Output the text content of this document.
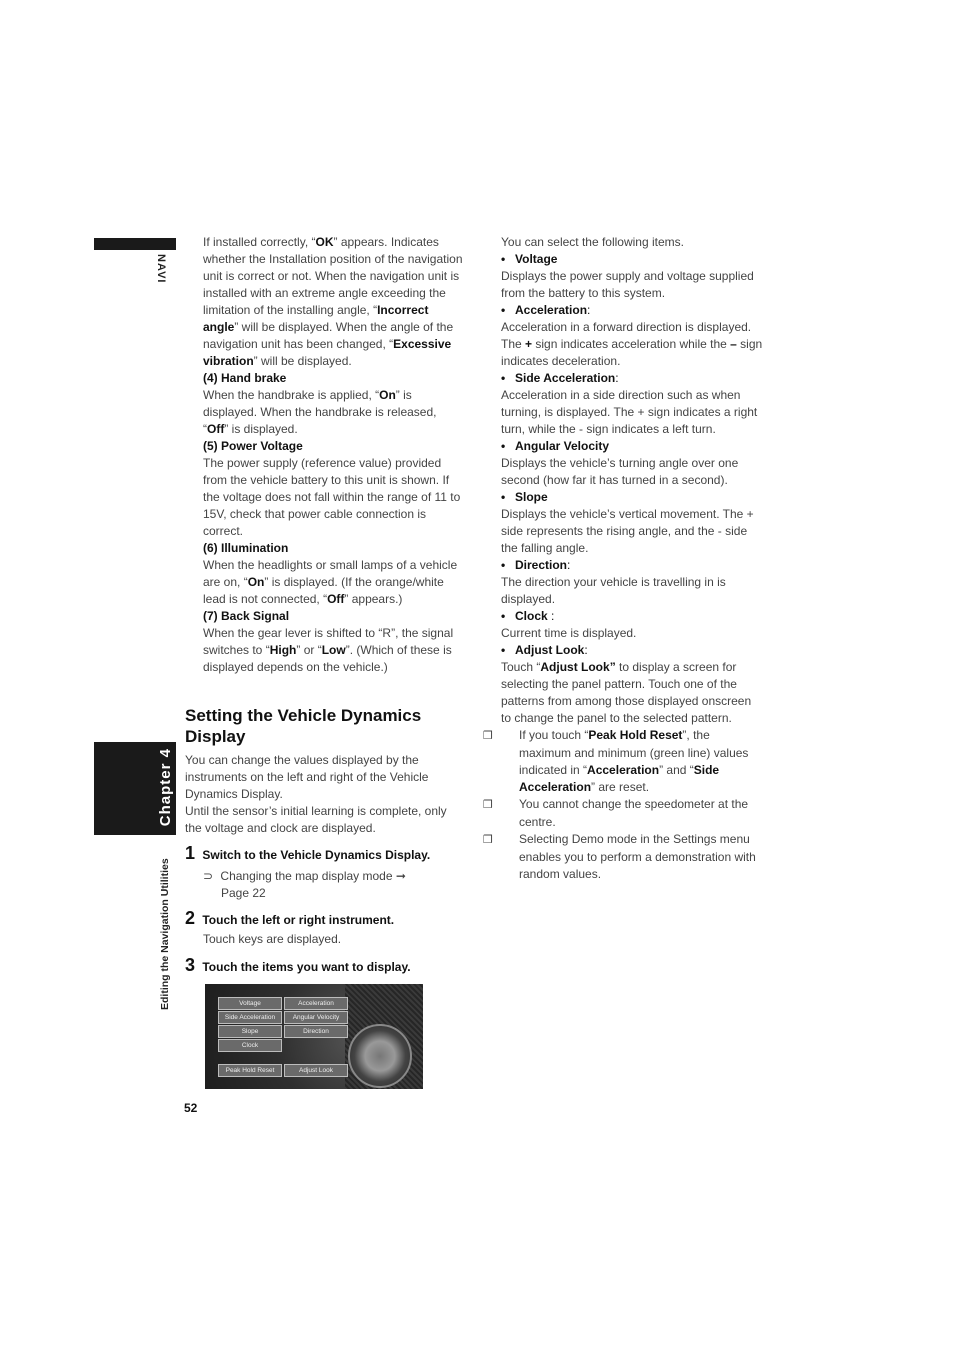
NAVI
Chapter 4
Editing the Navigation Utilities

If installed correctly, “OK” appears. Indicates whether the Installation position of the navigation unit is correct or not. When the navigation unit is installed with an extreme angle exceeding the limitation of the installing angle, “Incorrect angle” will be displayed. When the angle of the navigation unit has been changed, “Excessive vibration” will be displayed.

(4) Hand brake

When the handbrake is applied, “On” is displayed. When the handbrake is released, “Off” is displayed.

(5) Power Voltage

The power supply (reference value) provided from the vehicle battery to this unit is shown. If the voltage does not fall within the range of 11 to 15V, check that power cable connection is correct.

(6) Illumination

When the headlights or small lamps of a vehicle are on, “On” is displayed. (If the orange/white lead is not connected, “Off” appears.)

(7) Back Signal

When the gear lever is shifted to “R”, the signal switches to “High” or “Low”. (Which of these is displayed depends on the vehicle.)

Setting the Vehicle Dynamics Display

You can change the values displayed by the instruments on the left and right of the Vehicle Dynamics Display.

Until the sensor’s initial learning is complete, only the voltage and clock are displayed.

1 Switch to the Vehicle Dynamics Display.
⊃ Changing the map display mode ➞
Page 22
2 Touch the left or right instrument.
Touch keys are displayed.
3 Touch the items you want to display.
Voltage	Acceleration
Side Acceleration	Angular Velocity
Slope	Direction
Clock
Peak Hold Reset	Adjust Look
52

You can select the following items.

• Voltage

Displays the power supply and voltage supplied from the battery to this system.

• Acceleration:

Acceleration in a forward direction is displayed. The + sign indicates acceleration while the – sign indicates deceleration.

• Side Acceleration:

Acceleration in a side direction such as when turning, is displayed. The + sign indicates a right turn, while the - sign indicates a left turn.

• Angular Velocity

Displays the vehicle’s turning angle over one second (how far it has turned in a second).

• Slope

Displays the vehicle’s vertical movement. The + side represents the rising angle, and the - side the falling angle.

• Direction:

The direction your vehicle is travelling in is displayed.

• Clock :

Current time is displayed.

• Adjust Look:

Touch “Adjust Look” to display a screen for selecting the panel pattern. Touch one of the patterns from among those displayed onscreen to change the panel to the selected pattern.

❒ If you touch “Peak Hold Reset”, the maximum and minimum (green line) values indicated in “Acceleration” and “Side Acceleration” are reset.

❒ You cannot change the speedometer at the centre.

❒ Selecting Demo mode in the Settings menu enables you to perform a demonstration with random values.
